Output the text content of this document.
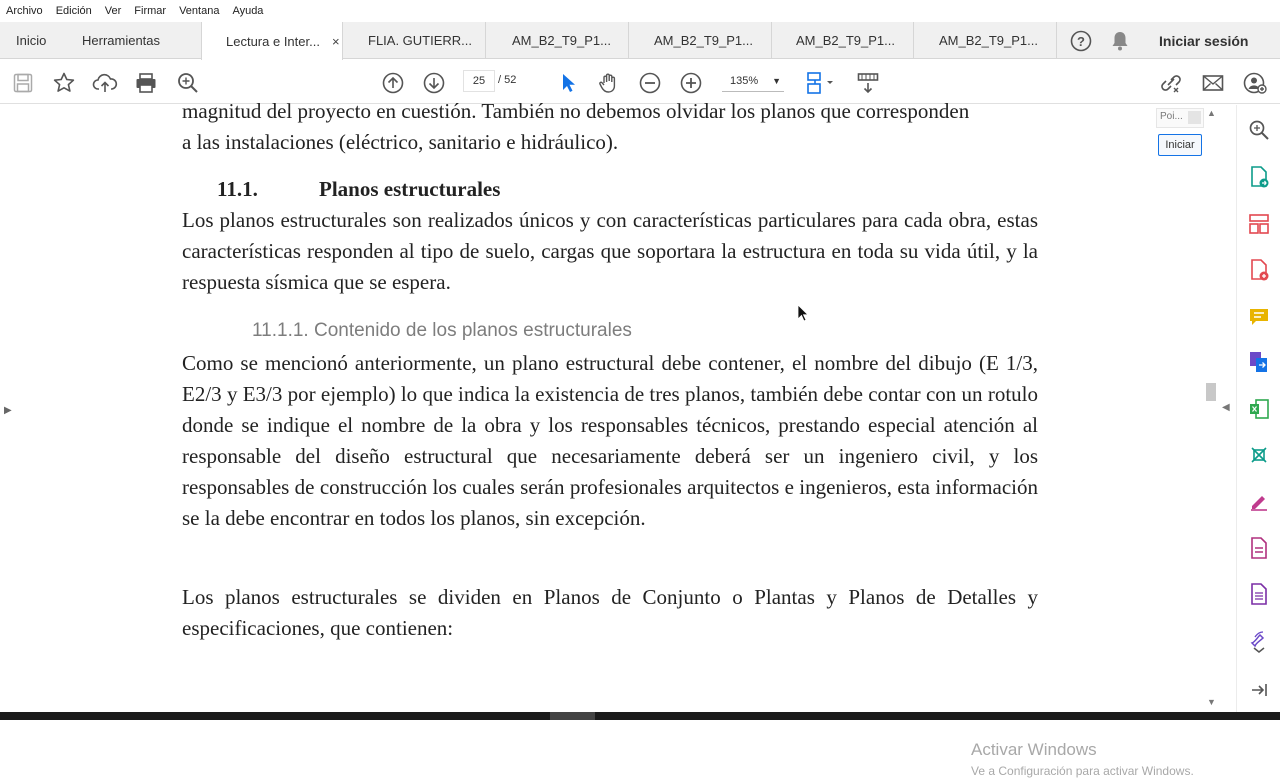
Archivo Edición Ver Firmar Ventana Ayuda
Inicio	Herramientas	Lectura e Inter... × FLIA. GUTIERR...	AM_B2_T9_P1...	AM_B2_T9_P1...	AM_B2_T9_P1...	AM_B2_T9_P1...	?	Iniciar sesión
25 / 52	135% ▼
▶
magnitud del proyecto en cuestión. También no debemos olvidar los planos que corresponden
a las instalaciones (eléctrico, sanitario e hidráulico).
11.1.	Planos estructurales
Los planos estructurales son realizados únicos y con características particulares para cada obra, estas características responden al tipo de suelo, cargas que soportara la estructura en toda su vida útil, y la respuesta sísmica que se espera.
11.1.1. Contenido de los planos estructurales
Como se mencionó anteriormente, un plano estructural debe contener, el nombre del dibujo (E 1/3, E2/3 y E3/3 por ejemplo) lo que indica la existencia de tres planos, también debe contar con un rotulo donde se indique el nombre de la obra y los responsables técnicos, prestando especial atención al responsable del diseño estructural que necesariamente deberá ser un ingeniero civil, y los responsables de construcción los cuales serán profesionales arquitectos e ingenieros, esta información se la debe encontrar en todos los planos, sin excepción.
Los planos estructurales se dividen en Planos de Conjunto o Plantas y Planos de Detalles y especificaciones, que contienen:
Activar Windows
Ve a Configuración para activar Windows.
▲
▼
◀
Poi...
Iniciar
